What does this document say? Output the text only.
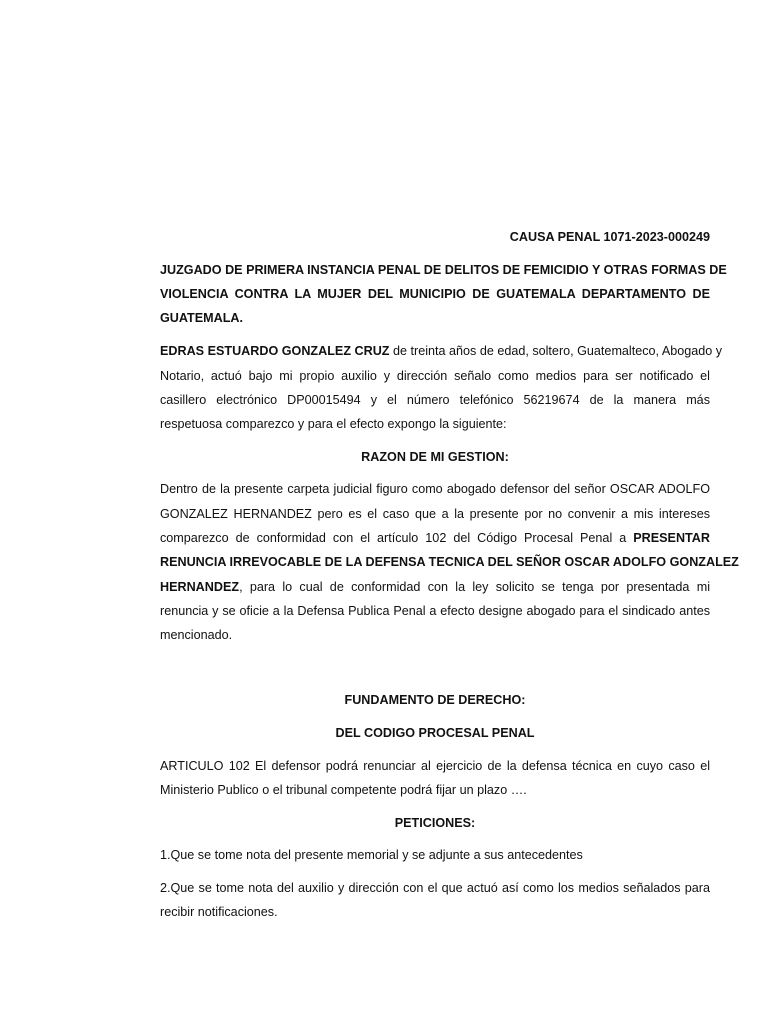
CAUSA PENAL 1071-2023-000249
JUZGADO DE PRIMERA INSTANCIA PENAL DE DELITOS DE FEMICIDIO Y OTRAS FORMAS DE
VIOLENCIA CONTRA LA MUJER DEL MUNICIPIO DE GUATEMALA DEPARTAMENTO DE
GUATEMALA.
EDRAS ESTUARDO GONZALEZ CRUZ de treinta años de edad, soltero, Guatemalteco, Abogado y
Notario, actuó bajo mi propio auxilio y dirección señalo como medios para ser notificado el
casillero electrónico DP00015494 y el número telefónico 56219674 de la manera más
respetuosa comparezco y para el efecto expongo la siguiente:
RAZON DE MI GESTION:
Dentro de la presente carpeta judicial figuro como abogado defensor del señor OSCAR ADOLFO
GONZALEZ HERNANDEZ pero es el caso que a la presente por no convenir a mis intereses
comparezco de conformidad con el artículo 102 del Código Procesal Penal a PRESENTAR
RENUNCIA IRREVOCABLE DE LA DEFENSA TECNICA DEL SEÑOR OSCAR ADOLFO GONZALEZ
HERNANDEZ, para lo cual de conformidad con la ley solicito se tenga por presentada mi
renuncia y se oficie a la Defensa Publica Penal a efecto designe abogado para el sindicado antes
mencionado.
FUNDAMENTO DE DERECHO:
DEL CODIGO PROCESAL PENAL
ARTICULO 102 El defensor podrá renunciar al ejercicio de la defensa técnica en cuyo caso el
Ministerio Publico o el tribunal competente podrá fijar un plazo ….
PETICIONES:
1.Que se tome nota del presente memorial y se adjunte a sus antecedentes
2.Que se tome nota del auxilio y dirección con el que actuó así como los medios señalados para
recibir notificaciones.
